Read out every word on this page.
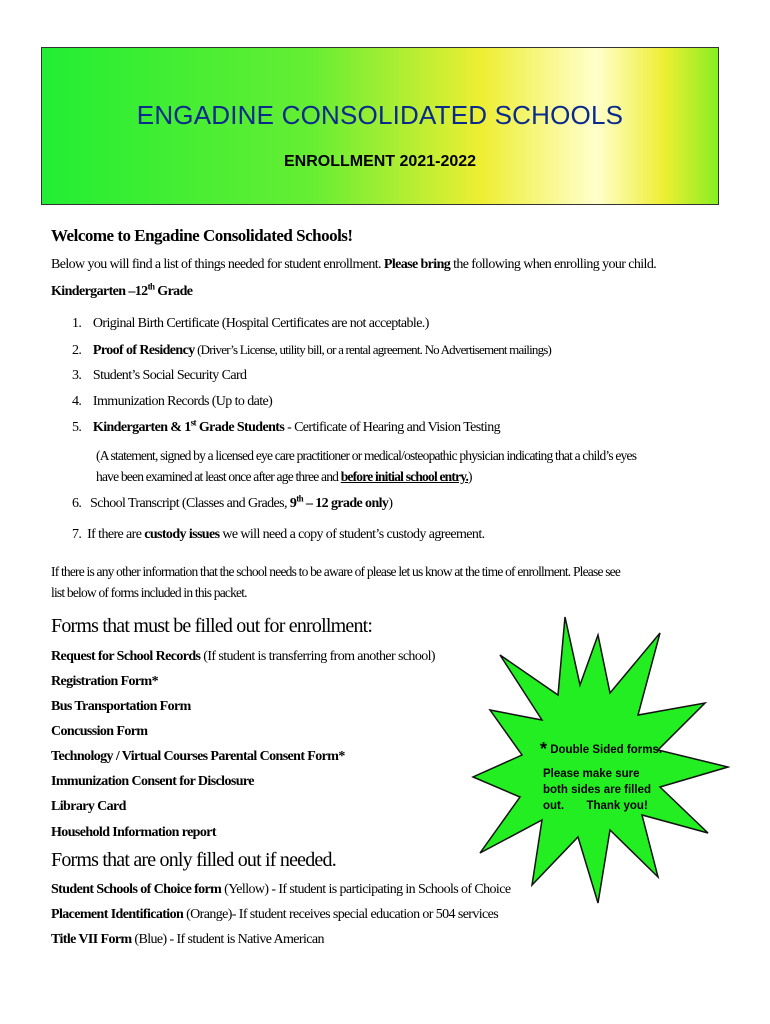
ENGADINE CONSOLIDATED SCHOOLS
ENROLLMENT 2021-2022
Welcome to Engadine Consolidated Schools!
Below you will find a list of things needed for student enrollment. Please bring the following when enrolling your child.
Kindergarten –12th Grade
1. Original Birth Certificate (Hospital Certificates are not acceptable.)
2. Proof of Residency (Driver’s License, utility bill, or a rental agreement. No Advertisement mailings)
3. Student’s Social Security Card
4. Immunization Records (Up to date)
5. Kindergarten & 1st Grade Students - Certificate of Hearing and Vision Testing
(A statement, signed by a licensed eye care practitioner or medical/osteopathic physician indicating that a child’s eyes
have been examined at least once after age three and before initial school entry.)
6. School Transcript (Classes and Grades, 9th – 12 grade only)
7. If there are custody issues we will need a copy of student’s custody agreement.
If there is any other information that the school needs to be aware of please let us know at the time of enrollment. Please see
list below of forms included in this packet.
Forms that must be filled out for enrollment:
Request for School Records (If student is transferring from another school)
Registration Form*
Bus Transportation Form
Concussion Form
Technology / Virtual Courses Parental Consent Form*
Immunization Consent for Disclosure
Library Card
Household Information report
Forms that are only filled out if needed.
Student Schools of Choice form (Yellow) - If student is participating in Schools of Choice
Placement Identification (Orange)- If student receives special education or 504 services
Title VII Form (Blue) - If student is Native American
* Double Sided forms.
Please make sure
both sides are filled
out. Thank you!
